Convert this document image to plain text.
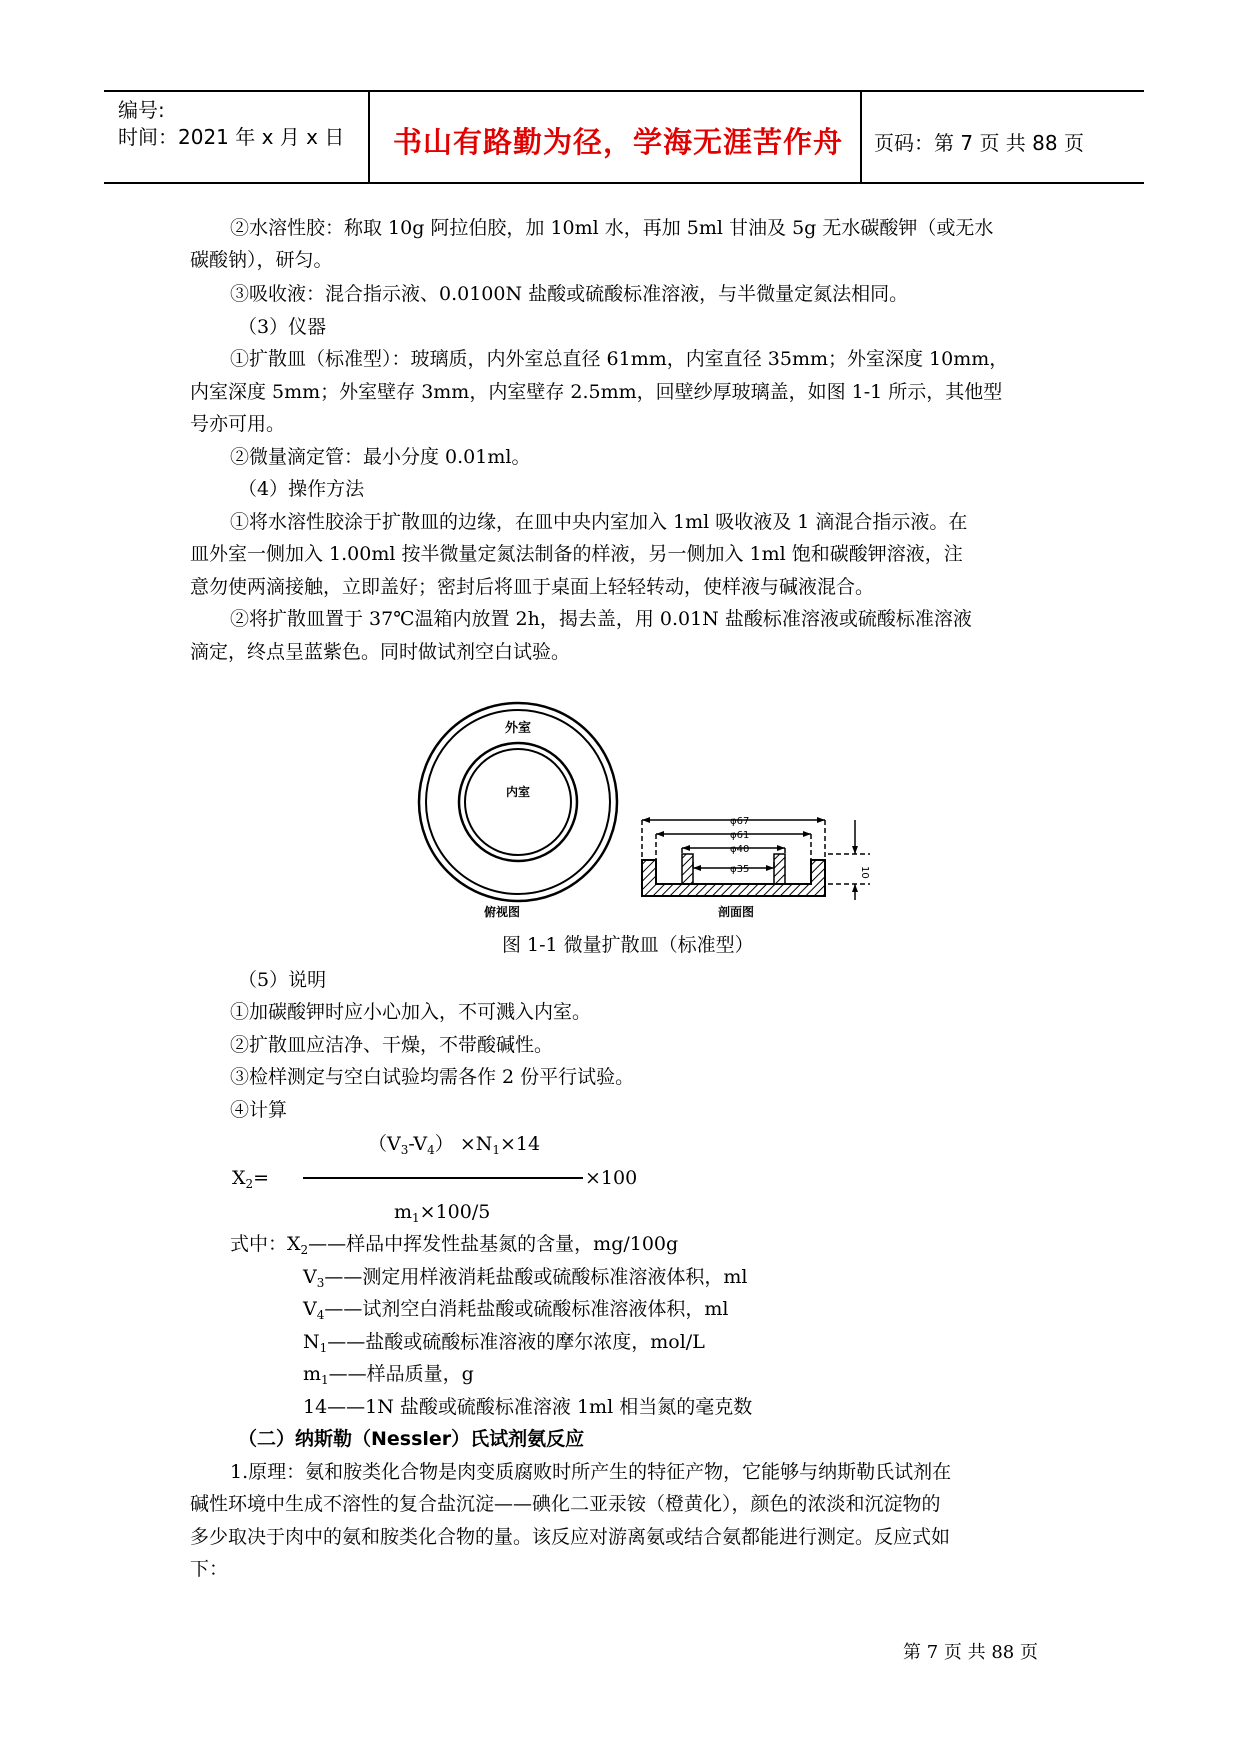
编号:
时间：2021 年 x 月 x 日 书山有路勤为径，学海无涯苦作舟 页码：第 7 页 共 88 页
②水溶性胶：称取 10g 阿拉伯胶，加 10ml 水，再加 5ml 甘油及 5g 无水碳酸钾（或无水
碳酸钠），研匀。
③吸收液：混合指示液、0.0100N 盐酸或硫酸标准溶液，与半微量定氮法相同。
（3）仪器
①扩散皿（标准型）：玻璃质，内外室总直径 61mm，内室直径 35mm；外室深度 10mm，
内室深度 5mm；外室壁存 3mm，内室壁存 2.5mm，回壁纱厚玻璃盖，如图 1-1 所示，其他型
号亦可用。
②微量滴定管：最小分度 0.01ml。
（4）操作方法
①将水溶性胶涂于扩散皿的边缘，在皿中央内室加入 1ml 吸收液及 1 滴混合指示液。在
皿外室一侧加入 1.00ml 按半微量定氮法制备的样液，另一侧加入 1ml 饱和碳酸钾溶液，注
意勿使两滴接触，立即盖好；密封后将皿于桌面上轻轻转动，使样液与碱液混合。
②将扩散皿置于 37℃温箱内放置 2h，揭去盖，用 0.01N 盐酸标准溶液或硫酸标准溶液
滴定，终点呈蓝紫色。同时做试剂空白试验。
外室
内室
俯视图
φ67
φ61
φ40
φ35	10
剖面图
图 1-1 微量扩散皿（标准型）
（5）说明
①加碳酸钾时应小心加入，不可溅入内室。
②扩散皿应洁净、干燥，不带酸碱性。
③检样测定与空白试验均需各作 2 份平行试验。
④计算
$(V_3-V_4) \times N_1\times 14$
$X_2=$	×100
$m_1\times 100/5$
式中：$X_2——$样品中挥发性盐基氮的含量，mg/100g
$V_3——$测定用样液消耗盐酸或硫酸标准溶液体积，ml
$V_4——$试剂空白消耗盐酸或硫酸标准溶液体积，ml
$N_1——$盐酸或硫酸标准溶液的摩尔浓度，mol/L
$m_1——$样品质量，g
14——1N 盐酸或硫酸标准溶液 1ml 相当氮的毫克数
（二）纳斯勒（Nessler）氏试剂氨反应
1.原理：氨和胺类化合物是肉变质腐败时所产生的特征产物，它能够与纳斯勒氏试剂在
碱性环境中生成不溶性的复合盐沉淀——碘化二亚汞铵（橙黄化），颜色的浓淡和沉淀物的
多少取决于肉中的氨和胺类化合物的量。该反应对游离氨或结合氨都能进行测定。反应式如
下：
第 7 页 共 88 页
